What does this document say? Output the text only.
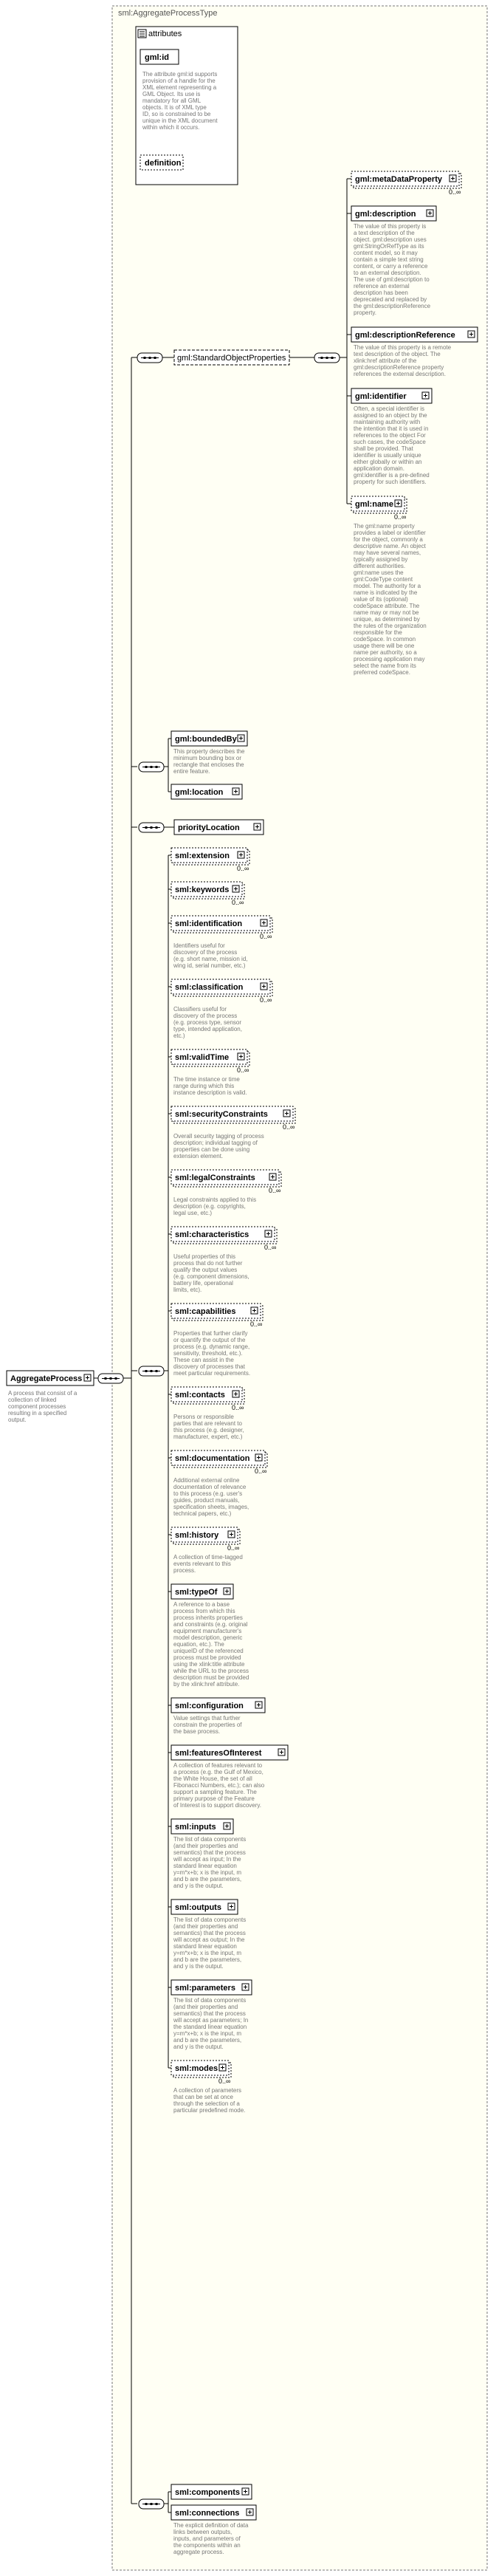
sml:AggregateProcessType
attributes
gml:id
The attribute gml:id supports
provision of a handle for the
XML element representing a
GML Object. Its use is
mandatory for all GML
objects. It is of XML type
ID, so is constrained to be
unique in the XML document
within which it occurs.
definition
AggregateProcess
A process that consist of a
collection of linked
component processes
resulting in a specified
output.
gml:StandardObjectProperties
gml:metaDataProperty
0..∞
gml:description
The value of this property is
a text description of the
object. gml:description uses
gml:StringOrRefType as its
content model, so it may
contain a simple text string
content, or carry a reference
to an external description.
The use of gml:description to
reference an external
description has been
deprecated and replaced by
the gml:descriptionReference
property.
gml:descriptionReference
The value of this property is a remote
text description of the object. The
xlink:href attribute of the
gml:descriptionReference property
references the external description.
gml:identifier
Often, a special identifier is
assigned to an object by the
maintaining authority with
the intention that it is used in
references to the object For
such cases, the codeSpace
shall be provided. That
identifier is usually unique
either globally or within an
application domain.
gml:identifier is a pre-defined
property for such identifiers.
gml:name
0..∞
The gml:name property
provides a label or identifier
for the object, commonly a
descriptive name. An object
may have several names,
typically assigned by
different authorities.
gml:name uses the
gml:CodeType content
model. The authority for a
name is indicated by the
value of its (optional)
codeSpace attribute. The
name may or may not be
unique, as determined by
the rules of the organization
responsible for the
codeSpace. In common
usage there will be one
name per authority, so a
processing application may
select the name from its
preferred codeSpace.
gml:boundedBy
This property describes the
minimum bounding box or
rectangle that encloses the
entire feature.
gml:location
priorityLocation
sml:extension
0..∞
sml:keywords
0..∞
sml:identification
0..∞
Identifiers useful for
discovery of the process
(e.g. short name, mission id,
wing id, serial number, etc.)
sml:classification
0..∞
Classifiers useful for
discovery of the process
(e.g. process type, sensor
type, intended application,
etc.)
sml:validTime
0..∞
The time instance or time
range during which this
instance description is valid.
sml:securityConstraints
0..∞
Overall security tagging of process
description; individual tagging of
properties can be done using
extension element.
sml:legalConstraints
0..∞
Legal constraints applied to this
description (e.g. copyrights,
legal use, etc.)
sml:characteristics
0..∞
Useful properties of this
process that do not further
qualify the output values
(e.g. component dimensions,
battery life, operational
limits, etc).
sml:capabilities
0..∞
Properties that further clarify
or quantify the output of the
process (e.g. dynamic range,
sensitivity, threshold, etc.).
These can assist in the
discovery of processes that
meet particular requirements.
sml:contacts
0..∞
Persons or responsible
parties that are relevant to
this process (e.g. designer,
manufacturer, expert, etc.)
sml:documentation
0..∞
Additional external online
documentation of relevance
to this process (e.g. user's
guides, product manuals,
specification sheets, images,
technical papers, etc.)
sml:history
0..∞
A collection of time-tagged
events relevant to this
process.
sml:typeOf
A reference to a base
process from which this
process inherits properties
and constraints (e.g. original
equipment manufacturer's
model description, generic
equation, etc.). The
uniqueID of the referenced
process must be provided
using the xlink:title attribute
while the URL to the process
description must be provided
by the xlink:href attribute.
sml:configuration
Value settings that further
constrain the properties of
the base process.
sml:featuresOfInterest
A collection of features relevant to
a process (e.g. the Gulf of Mexico,
the White House, the set of all
Fibonacci Numbers, etc.); can also
support a sampling feature. The
primary purpose of the Feature
of Interest is to support discovery.
sml:inputs
The list of data components
(and their properties and
semantics) that the process
will accept as input; In the
standard linear equation
y=m*x+b; x is the input, m
and b are the parameters,
and y is the output.
sml:outputs
The list of data components
(and their properties and
semantics) that the process
will accept as output; In the
standard linear equation
y=m*x+b; x is the input, m
and b are the parameters,
and y is the output.
sml:parameters
The list of data components
(and their properties and
semantics) that the process
will accept as parameters; In
the standard linear equation
y=m*x+b; x is the input, m
and b are the parameters,
and y is the output.
sml:modes
0..∞
A collection of parameters
that can be set at once
through the selection of a
particular predefined mode.
sml:components
sml:connections
The explicit definition of data
links between outputs,
inputs, and parameters of
the components within an
aggregate process.
